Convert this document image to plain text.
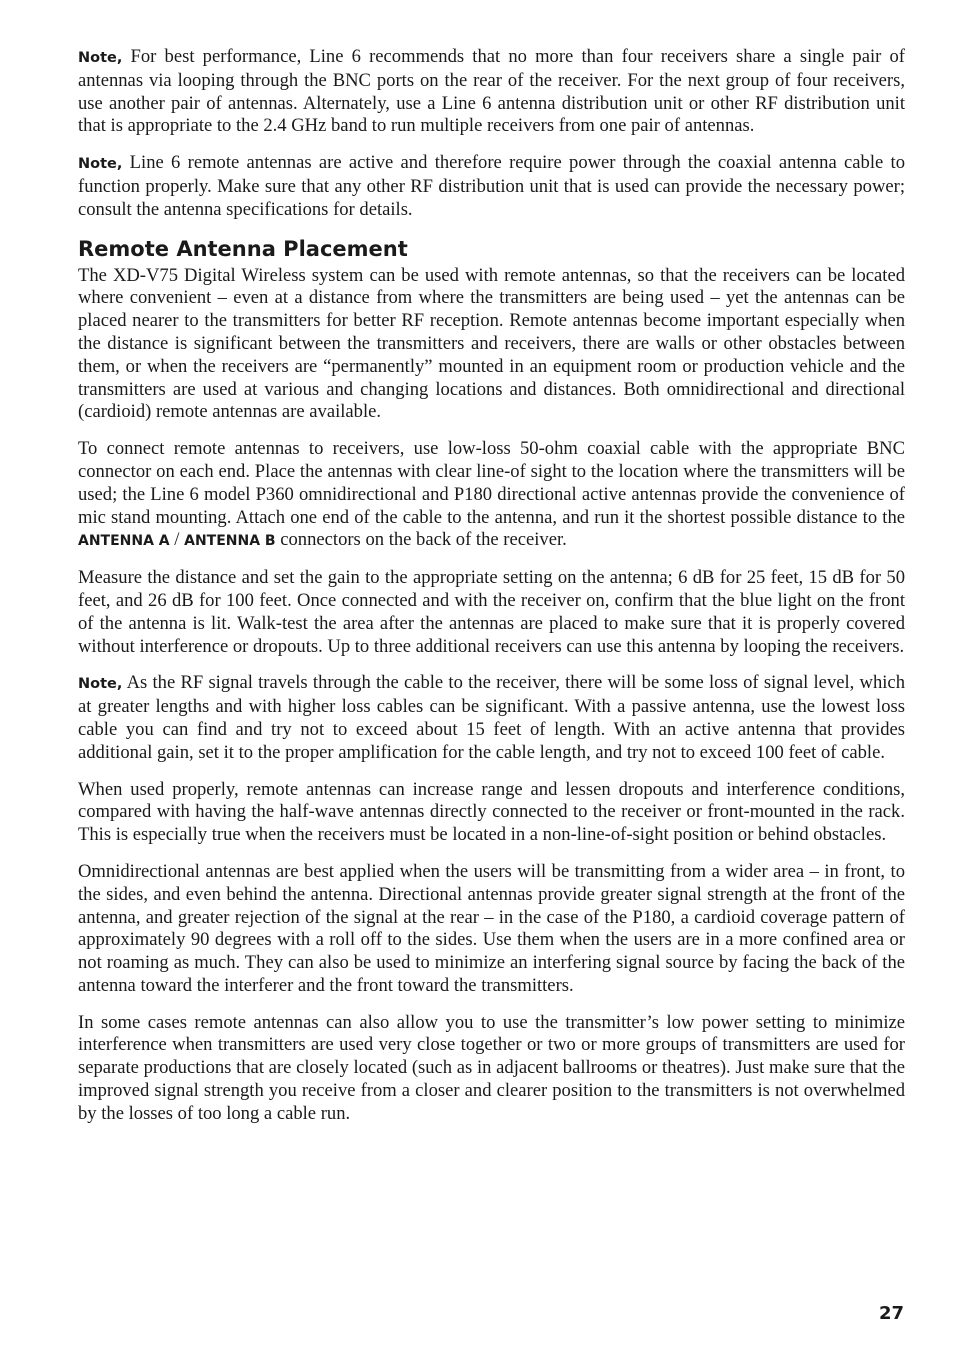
Note, For best performance, Line 6 recommends that no more than four receivers share a single pair of antennas via looping through the BNC ports on the rear of the receiver. For the next group of four receivers, use another pair of antennas. Alternately, use a Line 6 antenna distribution unit or other RF distribution unit that is appropriate to the 2.4 GHz band to run multiple receivers from one pair of antennas.

Note, Line 6 remote antennas are active and therefore require power through the coaxial antenna cable to function properly. Make sure that any other RF distribution unit that is used can provide the necessary power; consult the antenna specifications for details.

Remote Antenna Placement

The XD-V75 Digital Wireless system can be used with remote antennas, so that the receivers can be located where convenient – even at a distance from where the transmitters are being used – yet the antennas can be placed nearer to the transmitters for better RF reception. Remote antennas become important especially when the distance is significant between the transmitters and receivers, there are walls or other obstacles between them, or when the receivers are “permanently” mounted in an equipment room or production vehicle and the transmitters are used at various and changing locations and distances. Both omnidirectional and directional (cardioid) remote antennas are available.

To connect remote antennas to receivers, use low-loss 50-ohm coaxial cable with the appropriate BNC connector on each end. Place the antennas with clear line-of sight to the location where the transmitters will be used; the Line 6 model P360 omnidirectional and P180 directional active antennas provide the convenience of mic stand mounting. Attach one end of the cable to the antenna, and run it the shortest possible distance to the ANTENNA A / ANTENNA B connectors on the back of the receiver.

Measure the distance and set the gain to the appropriate setting on the antenna; 6 dB for 25 feet, 15 dB for 50 feet, and 26 dB for 100 feet. Once connected and with the receiver on, confirm that the blue light on the front of the antenna is lit. Walk-test the area after the antennas are placed to make sure that it is properly covered without interference or dropouts. Up to three additional receivers can use this antenna by looping the receivers.

Note, As the RF signal travels through the cable to the receiver, there will be some loss of signal level, which at greater lengths and with higher loss cables can be significant. With a passive antenna, use the lowest loss cable you can find and try not to exceed about 15 feet of length. With an active antenna that provides additional gain, set it to the proper amplification for the cable length, and try not to exceed 100 feet of cable.

When used properly, remote antennas can increase range and lessen dropouts and interference conditions, compared with having the half-wave antennas directly connected to the receiver or front-mounted in the rack. This is especially true when the receivers must be located in a non-line-of-sight position or behind obstacles.

Omnidirectional antennas are best applied when the users will be transmitting from a wider area – in front, to the sides, and even behind the antenna. Directional antennas provide greater signal strength at the front of the antenna, and greater rejection of the signal at the rear – in the case of the P180, a cardioid coverage pattern of approximately 90 degrees with a roll off to the sides. Use them when the users are in a more confined area or not roaming as much. They can also be used to minimize an interfering signal source by facing the back of the antenna toward the interferer and the front toward the transmitters.

In some cases remote antennas can also allow you to use the transmitter’s low power setting to minimize interference when transmitters are used very close together or two or more groups of transmitters are used for separate productions that are closely located (such as in adjacent ballrooms or theatres). Just make sure that the improved signal strength you receive from a closer and clearer position to the transmitters is not overwhelmed by the losses of too long a cable run.

27
